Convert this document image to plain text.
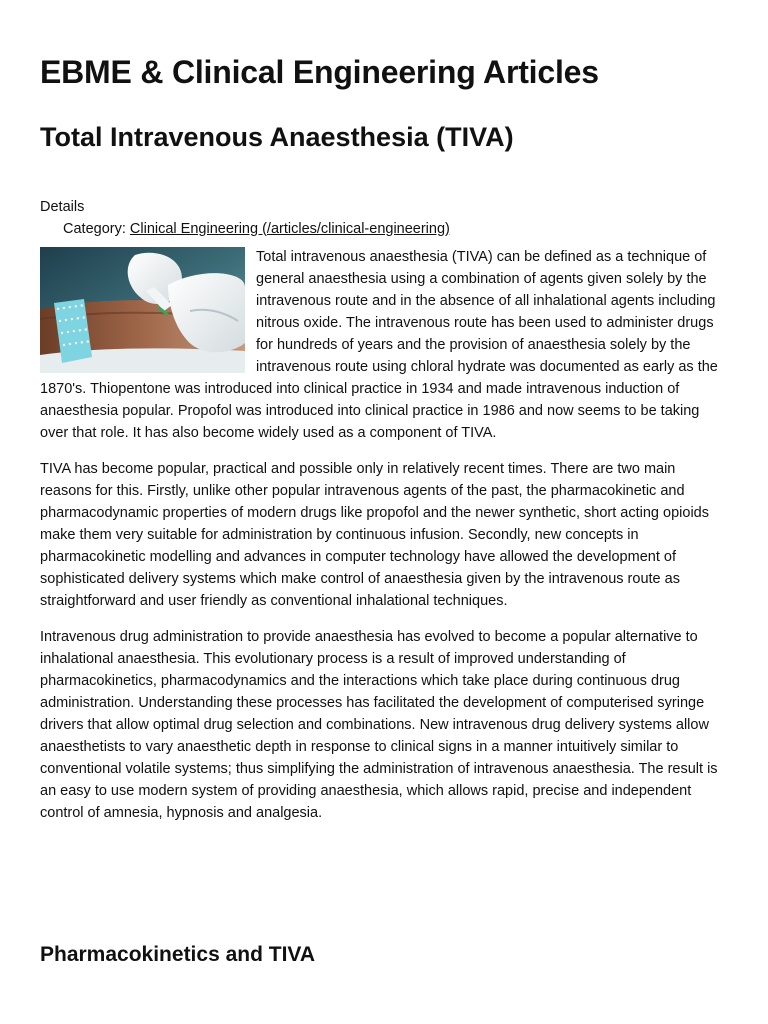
EBME & Clinical Engineering Articles
Total Intravenous Anaesthesia (TIVA)
Details
Category: Clinical Engineering (/articles/clinical-engineering)

Total intravenous anaesthesia (TIVA) can be defined as a technique of general anaesthesia using a combination of agents given solely by the intravenous route and in the absence of all inhalational agents including nitrous oxide. The intravenous route has been used to administer drugs for hundreds of years and the provision of anaesthesia solely by the intravenous route using chloral hydrate was documented as early as the 1870's. Thiopentone was introduced into clinical practice in 1934 and made intravenous induction of anaesthesia popular. Propofol was introduced into clinical practice in 1986 and now seems to be taking over that role. It has also become widely used as a component of TIVA.

TIVA has become popular, practical and possible only in relatively recent times. There are two main reasons for this. Firstly, unlike other popular intravenous agents of the past, the pharmacokinetic and pharmacodynamic properties of modern drugs like propofol and the newer synthetic, short acting opioids make them very suitable for administration by continuous infusion. Secondly, new concepts in pharmacokinetic modelling and advances in computer technology have allowed the development of sophisticated delivery systems which make control of anaesthesia given by the intravenous route as straightforward and user friendly as conventional inhalational techniques.

Intravenous drug administration to provide anaesthesia has evolved to become a popular alternative to inhalational anaesthesia. This evolutionary process is a result of improved understanding of pharmacokinetics, pharmacodynamics and the interactions which take place during continuous drug administration. Understanding these processes has facilitated the development of computerised syringe drivers that allow optimal drug selection and combinations. New intravenous drug delivery systems allow anaesthetists to vary anaesthetic depth in response to clinical signs in a manner intuitively similar to conventional volatile systems; thus simplifying the administration of intravenous anaesthesia. The result is an easy to use modern system of providing anaesthesia, which allows rapid, precise and independent control of amnesia, hypnosis and analgesia.

Pharmacokinetics and TIVA
